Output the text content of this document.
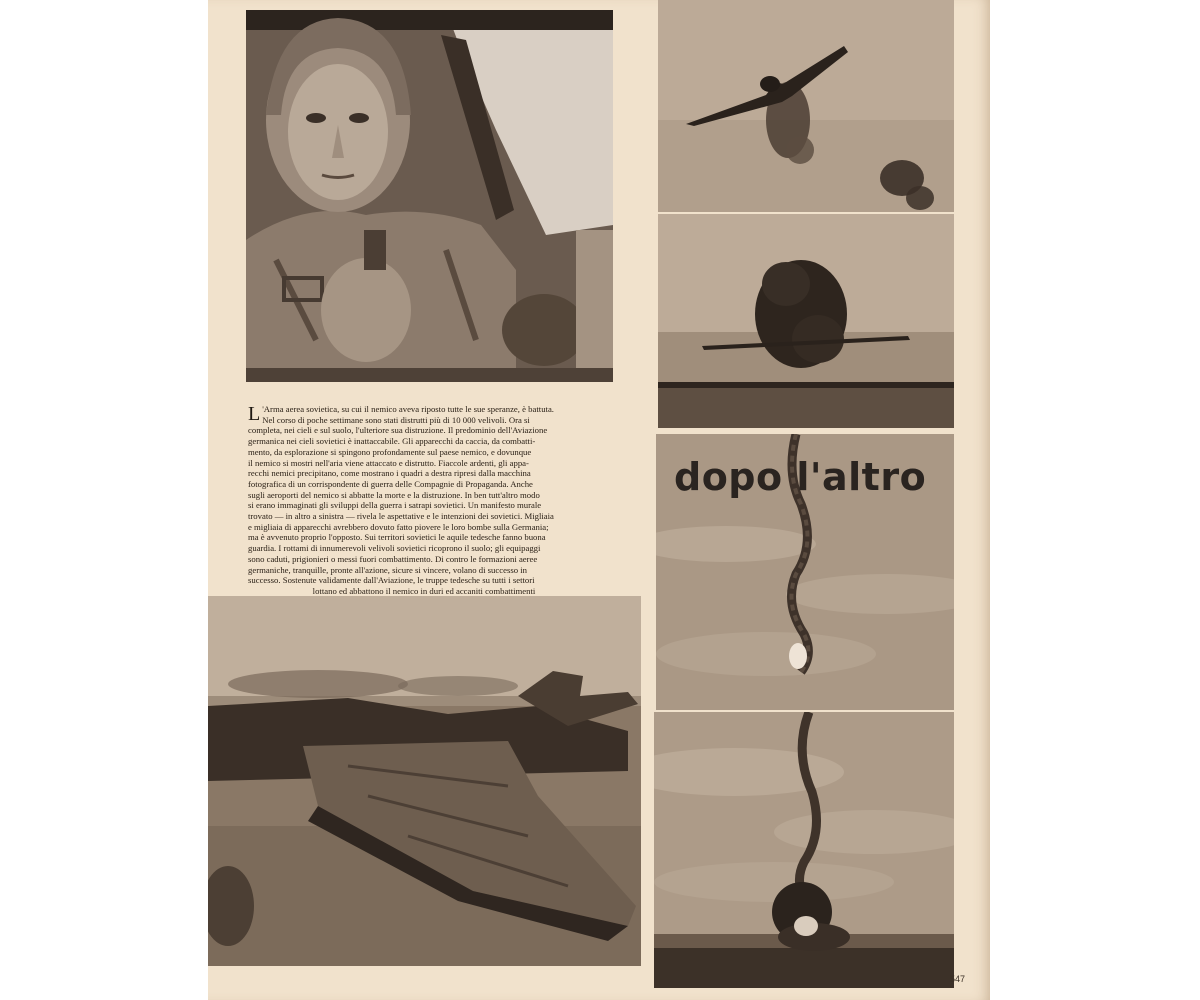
dopo l'altro
L 'Arma aerea sovietica, su cui il nemico aveva riposto tutte le sue speranze, è battuta.

Nel corso di poche settimane sono stati distrutti più di 10 000 velivoli. Ora si

completa, nei cieli e sul suolo, l'ulteriore sua distruzione. Il predominio dell'Aviazione

germanica nei cieli sovietici è inattaccabile. Gli apparecchi da caccia, da combatti-

mento, da esplorazione si spingono profondamente sul paese nemico, e dovunque

il nemico si mostri nell'aria viene attaccato e distrutto. Fiaccole ardenti, gli appa-

recchi nemici precipitano, come mostrano i quadri a destra ripresi dalla macchina

fotografica di un corrispondente di guerra delle Compagnie di Propaganda. Anche

sugli aeroporti del nemico si abbatte la morte e la distruzione. In ben tutt'altro modo

si erano immaginati gli sviluppi della guerra i satrapi sovietici. Un manifesto murale

trovato — in altro a sinistra — rivela le aspettative e le intenzioni dei sovietici. Migliaia

e migliaia di apparecchi avrebbero dovuto fatto piovere le loro bombe sulla Germania;

ma è avvenuto proprio l'opposto. Sui territori sovietici le aquile tedesche fanno buona

guardia. I rottami di innumerevoli velivoli sovietici ricoprono il suolo; gli equipaggi

sono caduti, prigionieri o messi fuori combattimento. Di contro le formazioni aeree

germaniche, tranquille, pronte all'azione, sicure si vincere, volano di successo in

successo. Sostenute validamente dall'Aviazione, le truppe tedesche su tutti i settori

lottano ed abbattono il nemico in duri ed accaniti combattimenti

547
